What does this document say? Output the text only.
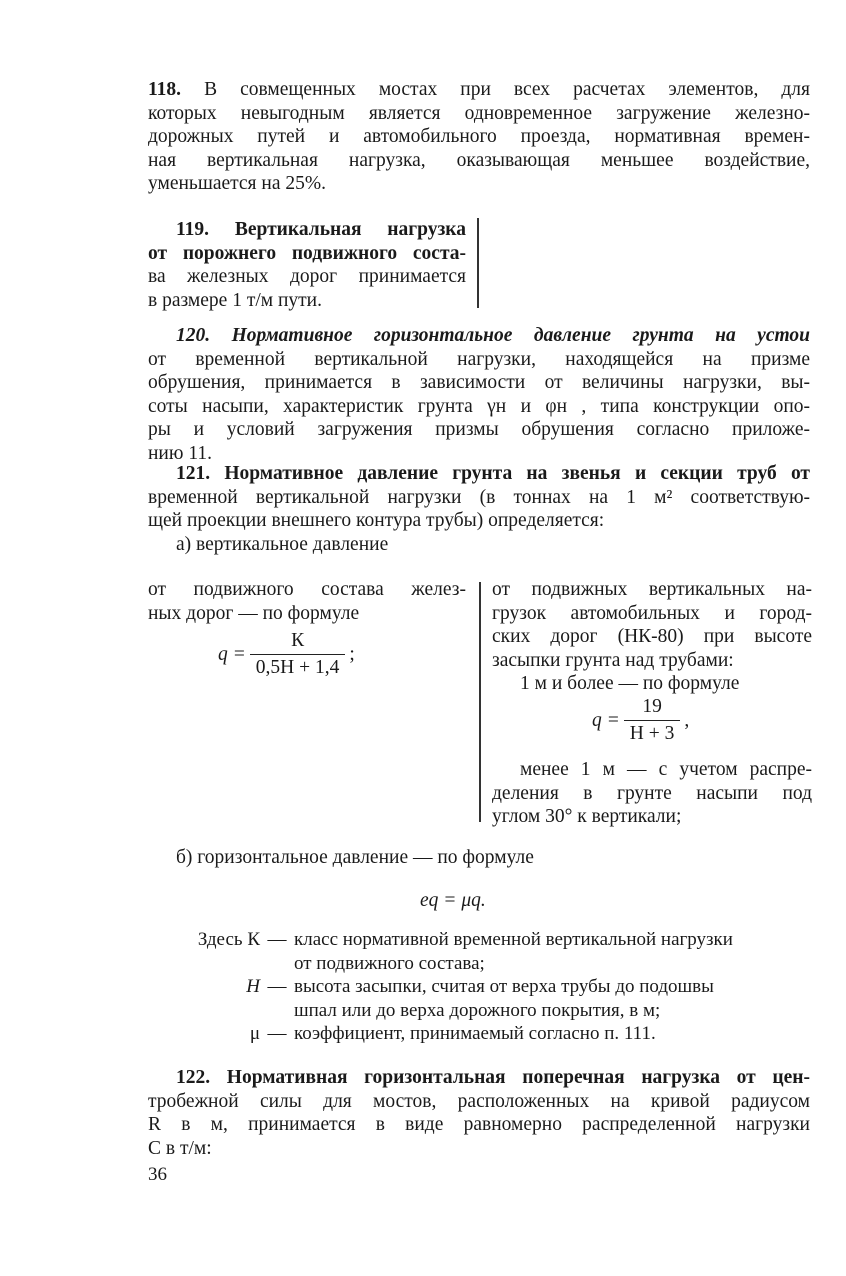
118. В совмещенных мостах при всех расчетах элементов, для
которых невыгодным является одновременное загружение железно-
дорожных путей и автомобильного проезда, нормативная времен-
ная вертикальная нагрузка, оказывающая меньшее воздействие,
уменьшается на 25%.
119. Вертикальная нагрузка
от порожнего подвижного соста-
ва железных дорог принимается
в размере 1 т/м пути.
120. Нормативное горизонтальное давление грунта на устои
от временной вертикальной нагрузки, находящейся на призме
обрушения, принимается в зависимости от величины нагрузки, вы-
соты насыпи, характеристик грунта γн и φн , типа конструкции опо-
ры и условий загружения призмы обрушения согласно приложе-
нию 11.
121. Нормативное давление грунта на звенья и секции труб от
временной вертикальной нагрузки (в тоннах на 1 м² соответствую-
щей проекции внешнего контура трубы) определяется:
а) вертикальное давление
от подвижного состава желез-
ных дорог — по формуле
$q = \frac{К}{0,5H + 1,4}$ ;
от подвижных вертикальных на-
грузок автомобильных и город-
ских дорог (НК-80) при высоте
засыпки грунта над трубами:
1 м и более — по формуле
$q = \frac{19}{H + 3}$ ,
менее 1 м — с учетом распре-
деления в грунте насыпи под
углом 30° к вертикали;
б) горизонтальное давление — по формуле
eq = μq.
Здесь К — класс нормативной временной вертикальной нагрузки
от подвижного состава;
H — высота засыпки, считая от верха трубы до подошвы
шпал или до верха дорожного покрытия, в м;
μ — коэффициент, принимаемый согласно п. 111.
122. Нормативная горизонтальная поперечная нагрузка от цен-
тробежной силы для мостов, расположенных на кривой радиусом
R в м, принимается в виде равномерно распределенной нагрузки
C в т/м:
36
